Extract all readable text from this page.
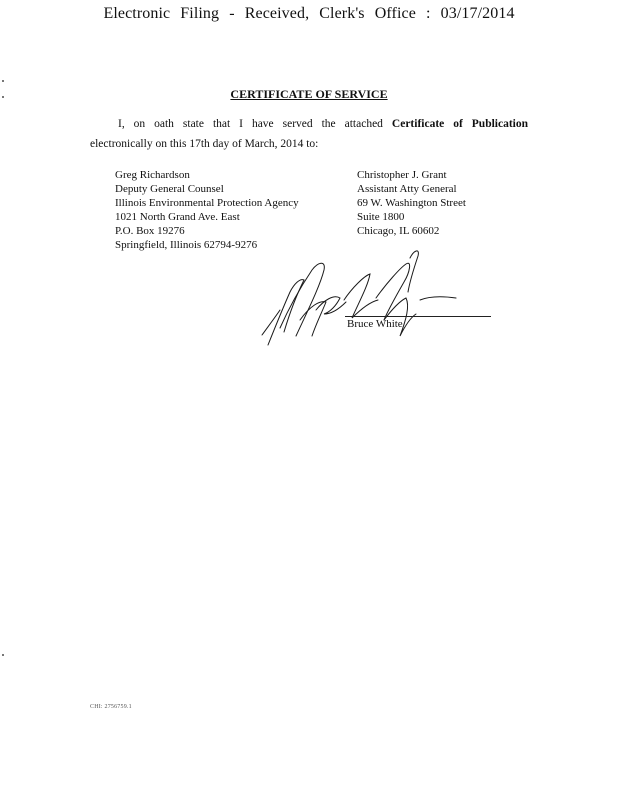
Electronic Filing - Received, Clerk's Office : 03/17/2014
CERTIFICATE OF SERVICE
I, on oath state that I have served the attached Certificate of Publication
electronically on this 17th day of March, 2014 to:
Greg Richardson
Deputy General Counsel
Illinois Environmental Protection Agency
1021 North Grand Ave. East
P.O. Box 19276
Springfield, Illinois 62794-9276
Christopher J. Grant
Assistant Atty General
69 W. Washington Street
Suite 1800
Chicago, IL 60602
Bruce White
CHI: 2756759.1
